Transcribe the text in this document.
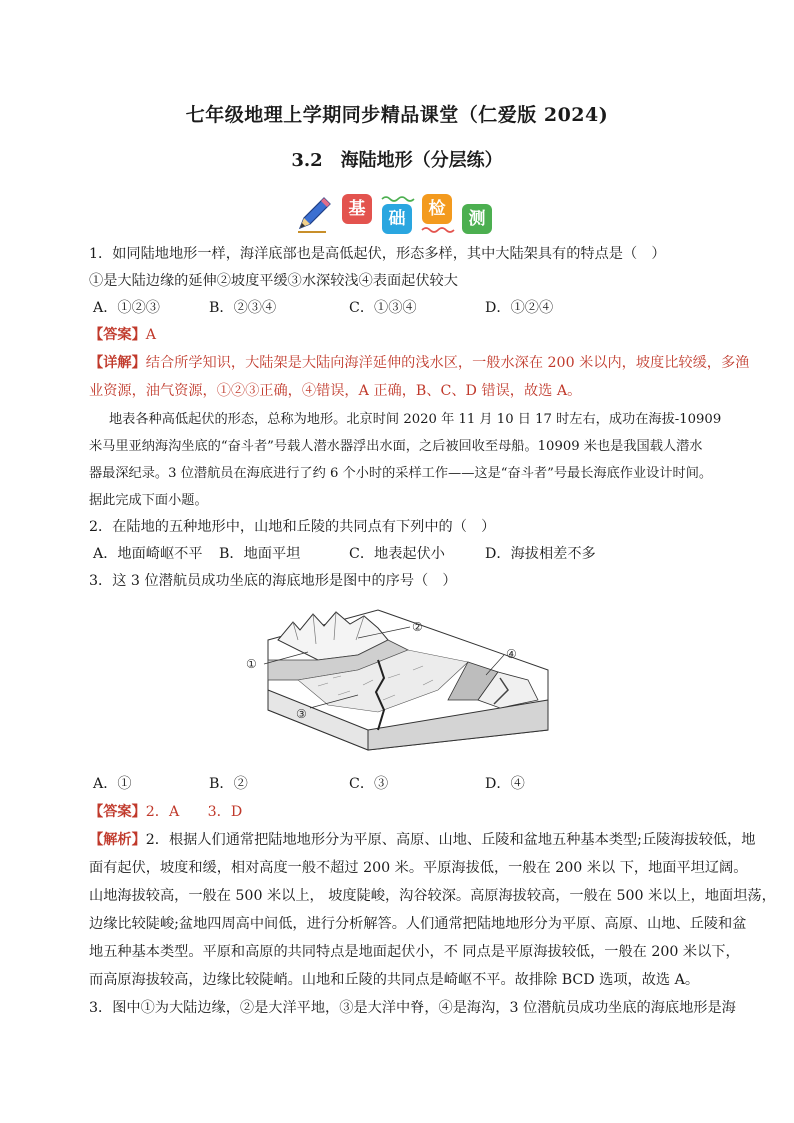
七年级地理上学期同步精品课堂（仁爱版 2024)
3.2　海陆地形（分层练）
基	础	检	测
1．如同陆地地形一样，海洋底部也是高低起伏，形态多样，其中大陆架具有的特点是（　）
①是大陆边缘的延伸②坡度平缓③水深较浅④表面起伏较大
A．①②③	B．②③④	C．①③④	D．①②④
【答案】A
【详解】结合所学知识，大陆架是大陆向海洋延伸的浅水区，一般水深在 200 米以内，坡度比较缓，多渔
业资源，油气资源，①②③正确，④错误，A 正确，B、C、D 错误，故选 A。
地表各种高低起伏的形态，总称为地形。北京时间 2020 年 11 月 10 日 17 时左右，成功在海拔-10909
米马里亚纳海沟坐底的“奋斗者”号载人潜水器浮出水面，之后被回收至母船。10909 米也是我国载人潜水
器最深纪录。3 位潜航员在海底进行了约 6 个小时的采样工作——这是“奋斗者”号最长海底作业设计时间。
据此完成下面小题。
2．在陆地的五种地形中，山地和丘陵的共同点有下列中的（　）
A．地面崎岖不平 B．地面平坦	C．地表起伏小	D．海拔相差不多
3．这 3 位潜航员成功坐底的海底地形是图中的序号（　）
①
②
③
④
A．①	B．②	C．③	D．④
【答案】2．A　　3．D
【解析】2．根据人们通常把陆地地形分为平原、高原、山地、丘陵和盆地五种基本类型;丘陵海拔较低，地
面有起伏，坡度和缓，相对高度一般不超过 200 米。平原海拔低，一般在 200 米以 下，地面平坦辽阔。
山地海拔较高，一般在 500 米以上， 坡度陡峻，沟谷较深。高原海拔较高，一般在 500 米以上，地面坦荡，
边缘比较陡峻;盆地四周高中间低，进行分析解答。人们通常把陆地地形分为平原、高原、山地、丘陵和盆
地五种基本类型。平原和高原的共同特点是地面起伏小，不 同点是平原海拔较低，一般在 200 米以下，
而高原海拔较高，边缘比较陡峭。山地和丘陵的共同点是崎岖不平。故排除 BCD 选项，故选 A。
3．图中①为大陆边缘，②是大洋平地，③是大洋中脊，④是海沟，3 位潜航员成功坐底的海底地形是海
